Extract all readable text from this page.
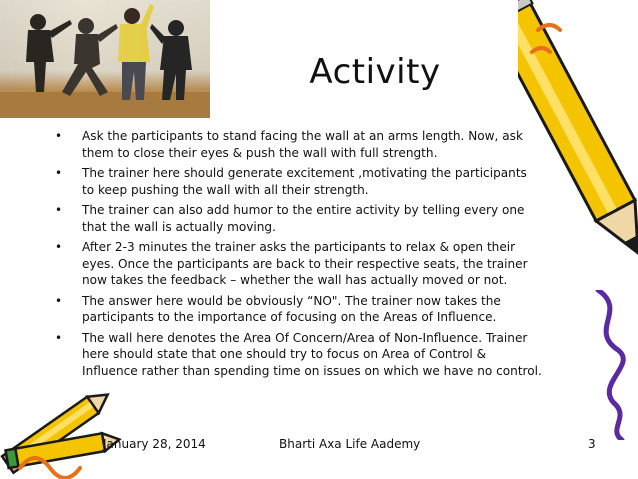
Activity
• Ask the participants to stand facing the wall at an arms length. Now, ask them to close their eyes & push the wall with full strength.
• The trainer here should generate excitement ,motivating the participants to keep pushing the wall with all their strength.
• The trainer can also add humor to the entire activity by telling every one that the wall is actually moving.
• After 2-3 minutes the trainer asks the participants to relax & open their eyes. Once the participants are back to their respective seats, the trainer now takes the feedback – whether the wall has actually moved or not.
• The answer here would be obviously “NO". The trainer now takes the participants to the importance of focusing on the Areas of Influence.
• The wall here denotes the Area Of Concern/Area of Non-Influence. Trainer here should state that one should try to focus on Area of Control & Influence rather than spending time on issues on which we have no control.
January 28, 2014	Bharti Axa Life Aademy	3
